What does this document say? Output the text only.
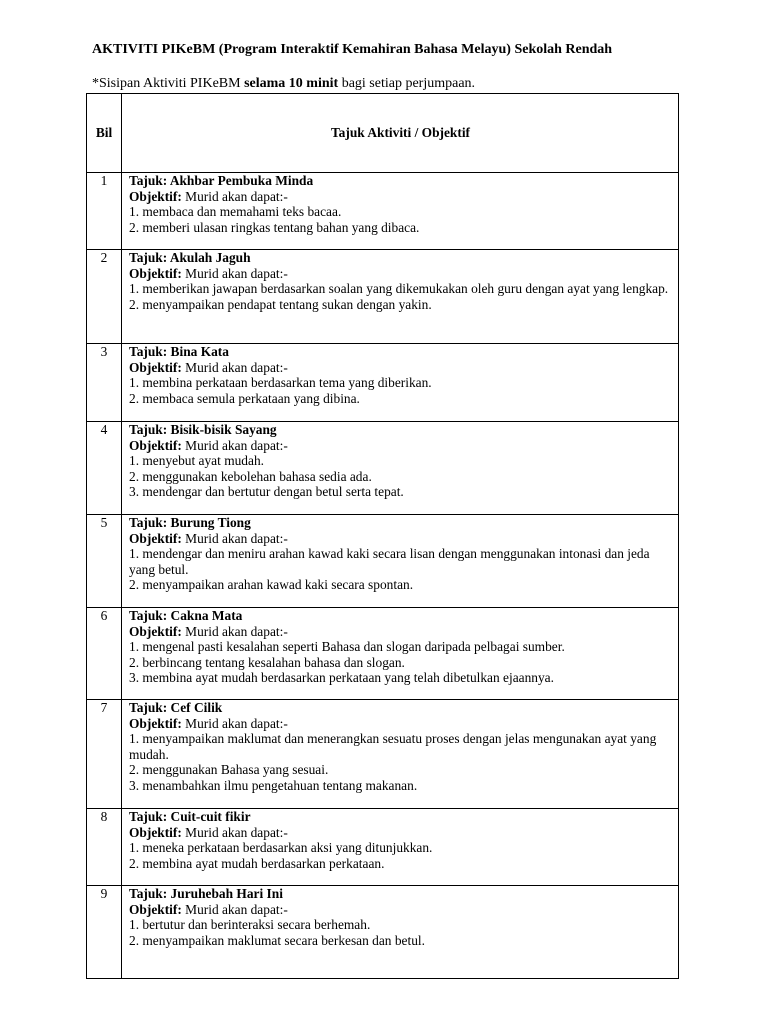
AKTIVITI PIKeBM (Program Interaktif Kemahiran Bahasa Melayu) Sekolah Rendah
*Sisipan Aktiviti PIKeBM selama 10 minit bagi setiap perjumpaan.
Bil	Tajuk Aktiviti / Objektif
1	Tajuk: Akhbar Pembuka Minda
Objektif: Murid akan dapat:-
1. membaca dan memahami teks bacaa.
2. memberi ulasan ringkas tentang bahan yang dibaca.

2	Tajuk: Akulah Jaguh
Objektif: Murid akan dapat:-
1. memberikan jawapan berdasarkan soalan yang dikemukakan oleh guru dengan ayat yang lengkap.
2. menyampaikan pendapat tentang sukan dengan yakin.

3	Tajuk: Bina Kata
Objektif: Murid akan dapat:-
1. membina perkataan berdasarkan tema yang diberikan.
2. membaca semula perkataan yang dibina.

4	Tajuk: Bisik-bisik Sayang
Objektif: Murid akan dapat:-
1. menyebut ayat mudah.
2. menggunakan kebolehan bahasa sedia ada.
3. mendengar dan bertutur dengan betul serta tepat.

5	Tajuk: Burung Tiong
Objektif: Murid akan dapat:-
1. mendengar dan meniru arahan kawad kaki secara lisan dengan menggunakan intonasi dan jeda yang betul.
2. menyampaikan arahan kawad kaki secara spontan.

6	Tajuk: Cakna Mata
Objektif: Murid akan dapat:-
1. mengenal pasti kesalahan seperti Bahasa dan slogan daripada pelbagai sumber.
2. berbincang tentang kesalahan bahasa dan slogan.
3. membina ayat mudah berdasarkan perkataan yang telah dibetulkan ejaannya.

7	Tajuk: Cef Cilik
Objektif: Murid akan dapat:-
1. menyampaikan maklumat dan menerangkan sesuatu proses dengan jelas mengunakan ayat yang mudah.
2. menggunakan Bahasa yang sesuai.
3. menambahkan ilmu pengetahuan tentang makanan.

8	Tajuk: Cuit-cuit fikir
Objektif: Murid akan dapat:-
1. meneka perkataan berdasarkan aksi yang ditunjukkan.
2. membina ayat mudah berdasarkan perkataan.

9	Tajuk: Juruhebah Hari Ini
Objektif: Murid akan dapat:-
1. bertutur dan berinteraksi secara berhemah.
2. menyampaikan maklumat secara berkesan dan betul.
